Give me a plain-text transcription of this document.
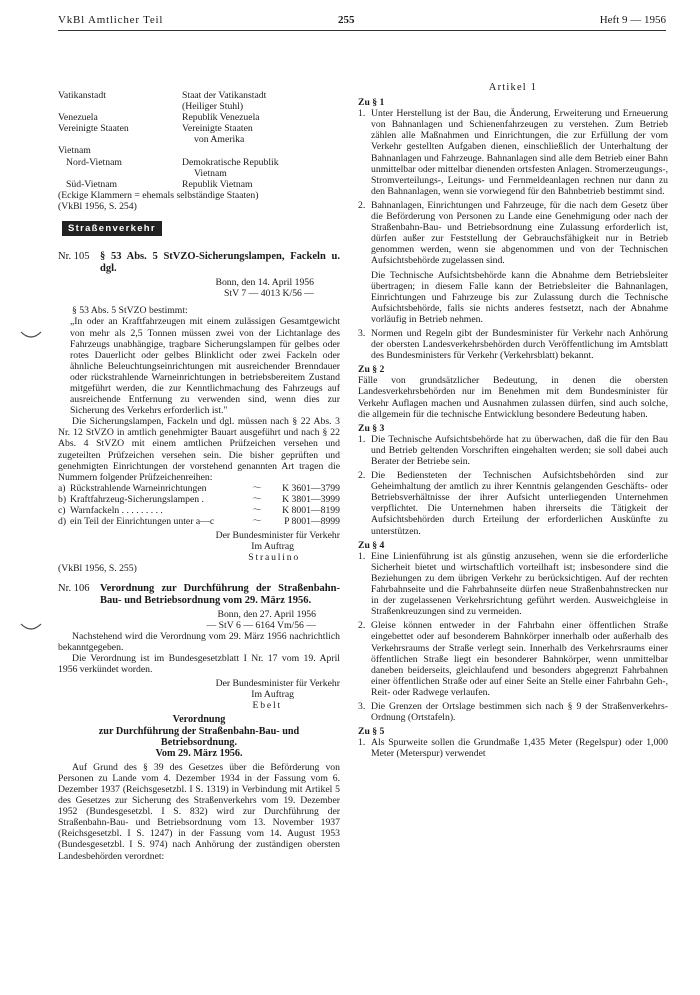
VkBl Amtlicher Teil	255	Heft 9 — 1956
Vatikanstadt	Staat der Vatikanstadt
(Heiliger Stuhl)
Venezuela	Republik Venezuela
Vereinigte Staaten	Vereinigte Staaten
von Amerika
Vietnam
Nord-Vietnam	Demokratische Republik
Vietnam
Süd-Vietnam	Republik Vietnam
(Eckige Klammern = ehemals selbständige Staaten)
(VkBl 1956, S. 254)
Straßenverkehr
Nr. 105	§ 53 Abs. 5 StVZO-Sicherungslampen, Fackeln u. dgl.
Bonn, den 14. April 1956
StV 7 — 4013 K/56 —

§ 53 Abs. 5 StVZO bestimmt:

„In oder an Kraftfahrzeugen mit einem zulässigen Gesamtgewicht von mehr als 2,5 Tonnen müssen zwei von der Lichtanlage des Fahrzeugs unabhängige, tragbare Sicherungslampen für gelbes oder rotes Dauerlicht oder gelbes Blinklicht oder zwei Fackeln oder ähnliche Beleuchtungseinrichtungen mit ausreichender Brenndauer oder rückstrahlende Warneinrichtungen in betriebsbereitem Zustand mitgeführt werden, die zur Kenntlichmachung des Fahrzeugs auf ausreichende Entfernung zu verwenden sind, wenn dies zur Sicherung des Verkehrs erforderlich ist."

Die Sicherungslampen, Fackeln und dgl. müssen nach § 22 Abs. 3 Nr. 12 StVZO in amtlich genehmigter Bauart ausgeführt und nach § 22 Abs. 4 StVZO mit einem amtlichen Prüfzeichen versehen und zugeteilten Prüfzeichen versehen sein. Die bisher geprüften und genehmigten Einrichtungen der vorstehend genannten Art tragen die Nummern folgender Prüfzeichenreihen:

a) Rückstrahlende Warneinrichtungen	～	K 3601—3799
b) Kraftfahrzeug-Sicherungslampen .	～	K 3801—3999
c) Warnfackeln . . . . . . . . .	～	K 8001—8199
d) ein Teil der Einrichtungen unter a—c	～	P 8001—8999
Der Bundesminister für Verkehr
Im Auftrag
Straulino
(VkBl 1956, S. 255)
Nr. 106	Verordnung zur Durchführung der Straßenbahn-Bau- und Betriebsordnung vom 29. März 1956.
Bonn, den 27. April 1956
— StV 6 — 6164 Vm/56 —

Nachstehend wird die Verordnung vom 29. März 1956 nachrichtlich bekanntgegeben.

Die Verordnung ist im Bundesgesetzblatt I Nr. 17 vom 19. April 1956 verkündet worden.

Der Bundesminister für Verkehr
Im Auftrag
Ebelt
Verordnung
zur Durchführung der Straßenbahn-Bau- und Betriebsordnung.
Vom 29. März 1956.

Auf Grund des § 39 des Gesetzes über die Beförderung von Personen zu Lande vom 4. Dezember 1934 in der Fassung vom 6. Dezember 1937 (Reichsgesetzbl. I S. 1319) in Verbindung mit Artikel 5 des Gesetzes zur Sicherung des Straßenverkehrs vom 19. Dezember 1952 (Bundesgesetzbl. I S. 832) wird zur Durchführung der Straßenbahn-Bau- und Betriebsordnung vom 13. November 1937 (Reichsgesetzbl. I S. 1247) in der Fassung vom 14. August 1953 (Bundesgesetzbl. I S. 974) nach Anhörung der zuständigen obersten Landesbehörden verordnet:

Artikel 1
Zu § 1
1. Unter Herstellung ist der Bau, die Änderung, Erweiterung und Erneuerung von Bahnanlagen und Schienenfahrzeugen zu verstehen. Zum Betrieb zählen alle Maßnahmen und Einrichtungen, die zur Erfüllung der vom Verkehr gestellten Aufgaben dienen, einschließlich der Unterhaltung der Bahnanlagen und Fahrzeuge. Bahnanlagen sind alle dem Betrieb einer Bahn unmittelbar oder mittelbar dienenden ortsfesten Anlagen. Stromerzeugungs-, Stromverteilungs-, Leitungs- und Fernmeldeanlagen rechnen nur dann zu den Bahnanlagen, wenn sie vorwiegend für den Bahnbetrieb bestimmt sind.
2. Bahnanlagen, Einrichtungen und Fahrzeuge, für die nach dem Gesetz über die Beförderung von Personen zu Lande eine Genehmigung oder nach der Straßenbahn-Bau- und Betriebsordnung eine Zulassung erforderlich ist, dürfen außer zur Feststellung der Gebrauchsfähigkeit nur in Betrieb genommen werden, wenn sie abgenommen und von der Technischen Aufsichtsbehörde zugelassen sind.
Die Technische Aufsichtsbehörde kann die Abnahme dem Betriebsleiter übertragen; in diesem Falle kann der Betriebsleiter die Bahnanlagen, Einrichtungen und Fahrzeuge bis zur Zulassung durch die Technische Aufsichtsbehörde, falls sie nichts anderes festsetzt, nach der Abnahme vorläufig in Betrieb nehmen.
3. Normen und Regeln gibt der Bundesminister für Verkehr nach Anhörung der obersten Landesverkehrsbehörden durch Veröffentlichung im Amtsblatt des Bundesministers für Verkehr (Verkehrsblatt) bekannt.
Zu § 2

Fälle von grundsätzlicher Bedeutung, in denen die obersten Landesverkehrsbehörden nur im Benehmen mit dem Bundesminister für Verkehr Auflagen machen und Ausnahmen zulassen dürfen, sind auch solche, die allgemein für die technische Entwicklung besondere Bedeutung haben.

Zu § 3
1. Die Technische Aufsichtsbehörde hat zu überwachen, daß die für den Bau und Betrieb geltenden Vorschriften eingehalten werden; sie soll dabei auch Berater der Betriebe sein.
2. Die Bediensteten der Technischen Aufsichtsbehörden sind zur Geheimhaltung der amtlich zu ihrer Kenntnis gelangenden Geschäfts- oder Betriebsverhältnisse der ihrer Aufsicht unterliegenden Unternehmen verpflichtet. Die Unternehmen haben ihrerseits die Tätigkeit der Aufsichtsbehörden durch Erteilung der erforderlichen Auskünfte zu unterstützen.
Zu § 4
1. Eine Linienführung ist als günstig anzusehen, wenn sie die erforderliche Sicherheit bietet und wirtschaftlich vorteilhaft ist; insbesondere sind die Beziehungen zu dem übrigen Verkehr zu berücksichtigen. Auf der rechten Fahrbahnseite und die Fahrbahnseite dürfen neue Straßenbahnstrecken nur in der zugelassenen Verkehrsrichtung geführt werden. Ausweichgleise in Straßenkreuzungen sind zu vermeiden.
2. Gleise können entweder in der Fahrbahn einer öffentlichen Straße eingebettet oder auf besonderem Bahnkörper innerhalb oder außerhalb des Verkehrsraums der Straße verlegt sein. Innerhalb des Verkehrsraums einer öffentlichen Straße liegt ein besonderer Bahnkörper, wenn unmittelbar daneben beiderseits, gleichlaufend und besonders abgegrenzt Fahrbahnen einer öffentlichen Straße oder auf einer Seite an Stelle einer Fahrbahn Geh-, Reit- oder Radwege verlaufen.
3. Die Grenzen der Ortslage bestimmen sich nach § 9 der Straßenverkehrs-Ordnung (Ortstafeln).
Zu § 5
1. Als Spurweite sollen die Grundmaße 1,435 Meter (Regelspur) oder 1,000 Meter (Meterspur) verwendet
